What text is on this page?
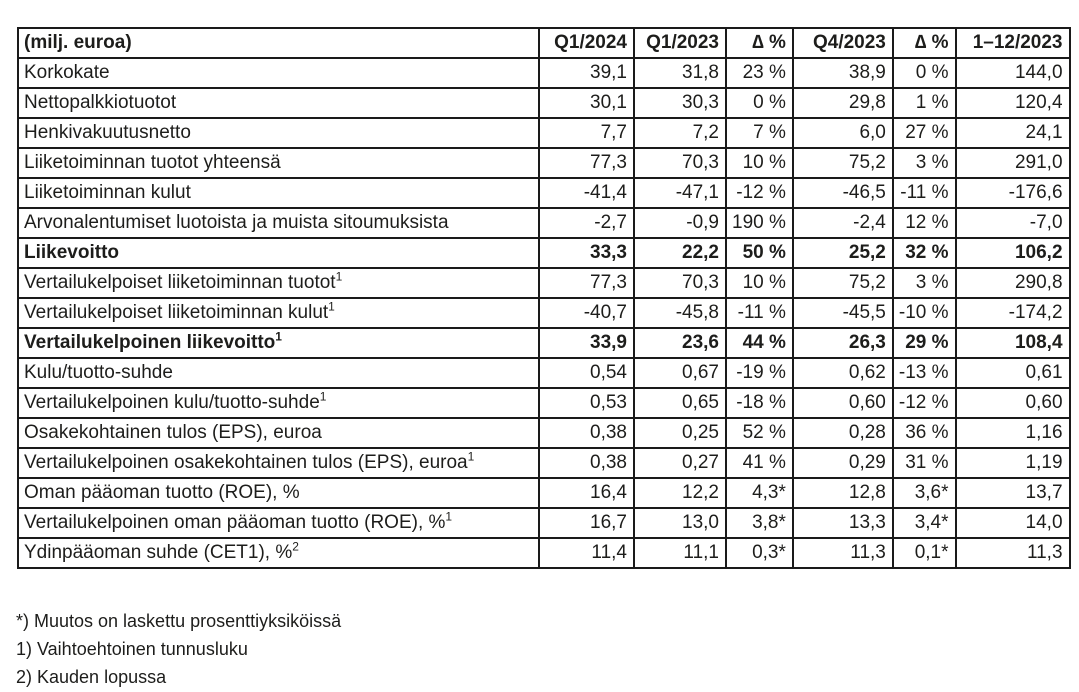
(milj. euroa)	Q1/2024	Q1/2023	∆ %	Q4/2023	∆ %	1–12/2023
Korkokate	39,1	31,8	23 %	38,9	0 %	144,0
Nettopalkkiotuotot	30,1	30,3	0 %	29,8	1 %	120,4
Henkivakuutusnetto	7,7	7,2	7 %	6,0	27 %	24,1
Liiketoiminnan tuotot yhteensä	77,3	70,3	10 %	75,2	3 %	291,0
Liiketoiminnan kulut	-41,4	-47,1	-12 %	-46,5	-11 %	-176,6
Arvonalentumiset luotoista ja muista sitoumuksista	-2,7	-0,9	190 %	-2,4	12 %	-7,0
Liikevoitto	33,3	22,2	50 %	25,2	32 %	106,2
Vertailukelpoiset liiketoiminnan tuotot$^1$	77,3	70,3	10 %	75,2	3 %	290,8
Vertailukelpoiset liiketoiminnan kulut$^1$	-40,7	-45,8	-11 %	-45,5	-10 %	-174,2
Vertailukelpoinen liikevoitto$^1$	33,9	23,6	44 %	26,3	29 %	108,4
Kulu/tuotto-suhde	0,54	0,67	-19 %	0,62	-13 %	0,61
Vertailukelpoinen kulu/tuotto-suhde$^1$	0,53	0,65	-18 %	0,60	-12 %	0,60
Osakekohtainen tulos (EPS), euroa	0,38	0,25	52 %	0,28	36 %	1,16
Vertailukelpoinen osakekohtainen tulos (EPS), euroa$^1$	0,38	0,27	41 %	0,29	31 %	1,19
Oman pääoman tuotto (ROE), %	16,4	12,2	4,3*	12,8	3,6*	13,7
Vertailukelpoinen oman pääoman tuotto (ROE), %$^1$	16,7	13,0	3,8*	13,3	3,4*	14,0
Ydinpääoman suhde (CET1), %$^2$	11,4	11,1	0,3*	11,3	0,1*	11,3
*) Muutos on laskettu prosenttiyksiköissä
1) Vaihtoehtoinen tunnusluku
2) Kauden lopussa
